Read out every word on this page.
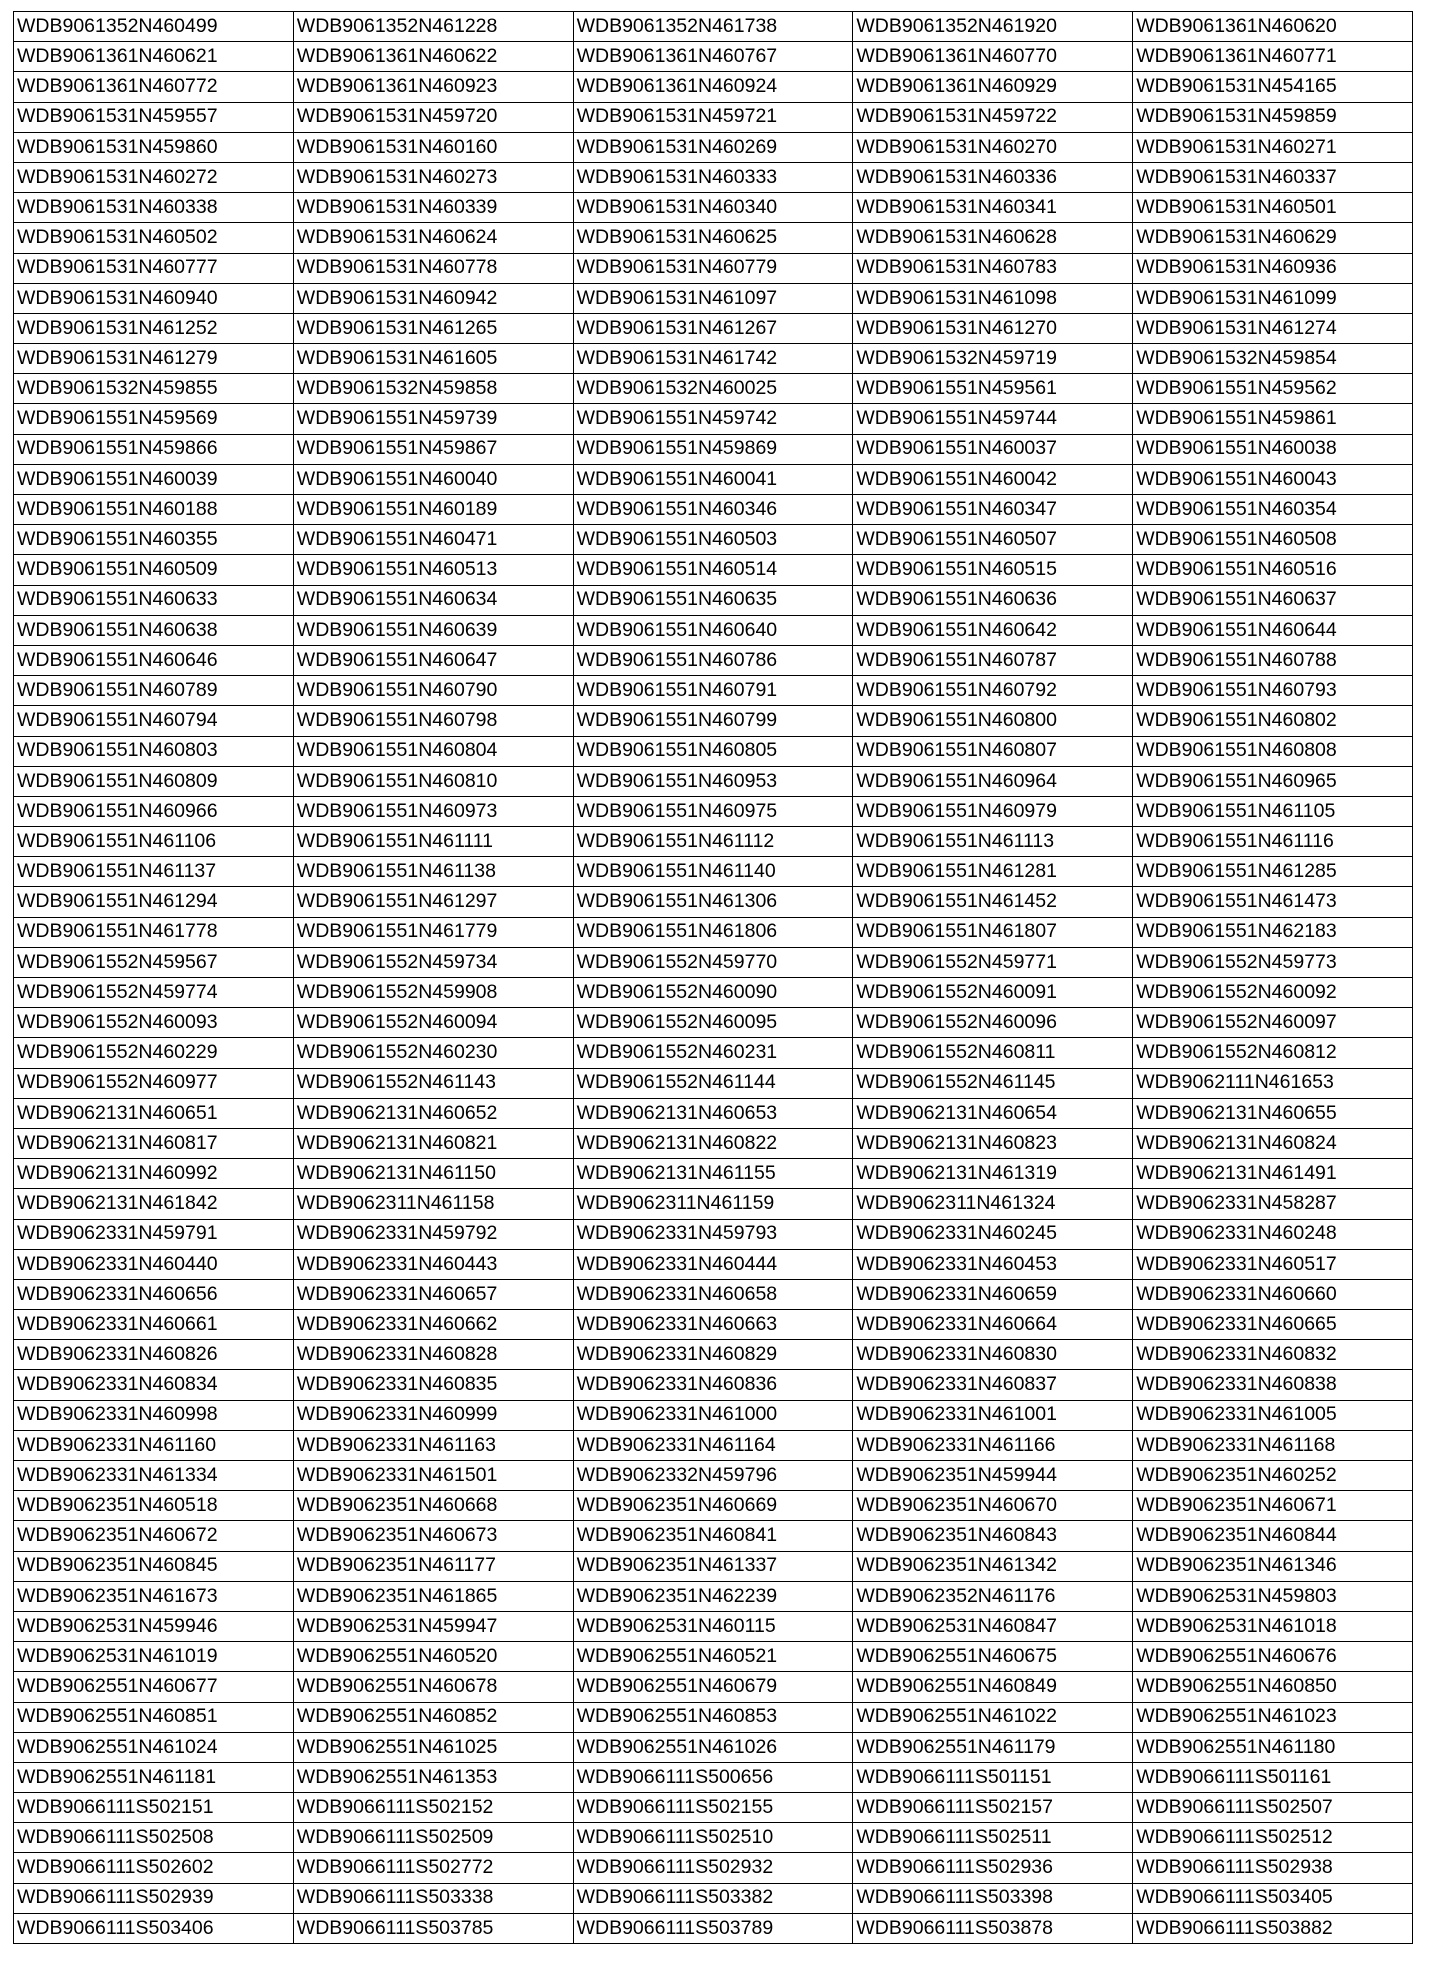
WDB9061352N460499	WDB9061352N461228	WDB9061352N461738	WDB9061352N461920	WDB9061361N460620
WDB9061361N460621	WDB9061361N460622	WDB9061361N460767	WDB9061361N460770	WDB9061361N460771
WDB9061361N460772	WDB9061361N460923	WDB9061361N460924	WDB9061361N460929	WDB9061531N454165
WDB9061531N459557	WDB9061531N459720	WDB9061531N459721	WDB9061531N459722	WDB9061531N459859
WDB9061531N459860	WDB9061531N460160	WDB9061531N460269	WDB9061531N460270	WDB9061531N460271
WDB9061531N460272	WDB9061531N460273	WDB9061531N460333	WDB9061531N460336	WDB9061531N460337
WDB9061531N460338	WDB9061531N460339	WDB9061531N460340	WDB9061531N460341	WDB9061531N460501
WDB9061531N460502	WDB9061531N460624	WDB9061531N460625	WDB9061531N460628	WDB9061531N460629
WDB9061531N460777	WDB9061531N460778	WDB9061531N460779	WDB9061531N460783	WDB9061531N460936
WDB9061531N460940	WDB9061531N460942	WDB9061531N461097	WDB9061531N461098	WDB9061531N461099
WDB9061531N461252	WDB9061531N461265	WDB9061531N461267	WDB9061531N461270	WDB9061531N461274
WDB9061531N461279	WDB9061531N461605	WDB9061531N461742	WDB9061532N459719	WDB9061532N459854
WDB9061532N459855	WDB9061532N459858	WDB9061532N460025	WDB9061551N459561	WDB9061551N459562
WDB9061551N459569	WDB9061551N459739	WDB9061551N459742	WDB9061551N459744	WDB9061551N459861
WDB9061551N459866	WDB9061551N459867	WDB9061551N459869	WDB9061551N460037	WDB9061551N460038
WDB9061551N460039	WDB9061551N460040	WDB9061551N460041	WDB9061551N460042	WDB9061551N460043
WDB9061551N460188	WDB9061551N460189	WDB9061551N460346	WDB9061551N460347	WDB9061551N460354
WDB9061551N460355	WDB9061551N460471	WDB9061551N460503	WDB9061551N460507	WDB9061551N460508
WDB9061551N460509	WDB9061551N460513	WDB9061551N460514	WDB9061551N460515	WDB9061551N460516
WDB9061551N460633	WDB9061551N460634	WDB9061551N460635	WDB9061551N460636	WDB9061551N460637
WDB9061551N460638	WDB9061551N460639	WDB9061551N460640	WDB9061551N460642	WDB9061551N460644
WDB9061551N460646	WDB9061551N460647	WDB9061551N460786	WDB9061551N460787	WDB9061551N460788
WDB9061551N460789	WDB9061551N460790	WDB9061551N460791	WDB9061551N460792	WDB9061551N460793
WDB9061551N460794	WDB9061551N460798	WDB9061551N460799	WDB9061551N460800	WDB9061551N460802
WDB9061551N460803	WDB9061551N460804	WDB9061551N460805	WDB9061551N460807	WDB9061551N460808
WDB9061551N460809	WDB9061551N460810	WDB9061551N460953	WDB9061551N460964	WDB9061551N460965
WDB9061551N460966	WDB9061551N460973	WDB9061551N460975	WDB9061551N460979	WDB9061551N461105
WDB9061551N461106	WDB9061551N461111	WDB9061551N461112	WDB9061551N461113	WDB9061551N461116
WDB9061551N461137	WDB9061551N461138	WDB9061551N461140	WDB9061551N461281	WDB9061551N461285
WDB9061551N461294	WDB9061551N461297	WDB9061551N461306	WDB9061551N461452	WDB9061551N461473
WDB9061551N461778	WDB9061551N461779	WDB9061551N461806	WDB9061551N461807	WDB9061551N462183
WDB9061552N459567	WDB9061552N459734	WDB9061552N459770	WDB9061552N459771	WDB9061552N459773
WDB9061552N459774	WDB9061552N459908	WDB9061552N460090	WDB9061552N460091	WDB9061552N460092
WDB9061552N460093	WDB9061552N460094	WDB9061552N460095	WDB9061552N460096	WDB9061552N460097
WDB9061552N460229	WDB9061552N460230	WDB9061552N460231	WDB9061552N460811	WDB9061552N460812
WDB9061552N460977	WDB9061552N461143	WDB9061552N461144	WDB9061552N461145	WDB9062111N461653
WDB9062131N460651	WDB9062131N460652	WDB9062131N460653	WDB9062131N460654	WDB9062131N460655
WDB9062131N460817	WDB9062131N460821	WDB9062131N460822	WDB9062131N460823	WDB9062131N460824
WDB9062131N460992	WDB9062131N461150	WDB9062131N461155	WDB9062131N461319	WDB9062131N461491
WDB9062131N461842	WDB9062311N461158	WDB9062311N461159	WDB9062311N461324	WDB9062331N458287
WDB9062331N459791	WDB9062331N459792	WDB9062331N459793	WDB9062331N460245	WDB9062331N460248
WDB9062331N460440	WDB9062331N460443	WDB9062331N460444	WDB9062331N460453	WDB9062331N460517
WDB9062331N460656	WDB9062331N460657	WDB9062331N460658	WDB9062331N460659	WDB9062331N460660
WDB9062331N460661	WDB9062331N460662	WDB9062331N460663	WDB9062331N460664	WDB9062331N460665
WDB9062331N460826	WDB9062331N460828	WDB9062331N460829	WDB9062331N460830	WDB9062331N460832
WDB9062331N460834	WDB9062331N460835	WDB9062331N460836	WDB9062331N460837	WDB9062331N460838
WDB9062331N460998	WDB9062331N460999	WDB9062331N461000	WDB9062331N461001	WDB9062331N461005
WDB9062331N461160	WDB9062331N461163	WDB9062331N461164	WDB9062331N461166	WDB9062331N461168
WDB9062331N461334	WDB9062331N461501	WDB9062332N459796	WDB9062351N459944	WDB9062351N460252
WDB9062351N460518	WDB9062351N460668	WDB9062351N460669	WDB9062351N460670	WDB9062351N460671
WDB9062351N460672	WDB9062351N460673	WDB9062351N460841	WDB9062351N460843	WDB9062351N460844
WDB9062351N460845	WDB9062351N461177	WDB9062351N461337	WDB9062351N461342	WDB9062351N461346
WDB9062351N461673	WDB9062351N461865	WDB9062351N462239	WDB9062352N461176	WDB9062531N459803
WDB9062531N459946	WDB9062531N459947	WDB9062531N460115	WDB9062531N460847	WDB9062531N461018
WDB9062531N461019	WDB9062551N460520	WDB9062551N460521	WDB9062551N460675	WDB9062551N460676
WDB9062551N460677	WDB9062551N460678	WDB9062551N460679	WDB9062551N460849	WDB9062551N460850
WDB9062551N460851	WDB9062551N460852	WDB9062551N460853	WDB9062551N461022	WDB9062551N461023
WDB9062551N461024	WDB9062551N461025	WDB9062551N461026	WDB9062551N461179	WDB9062551N461180
WDB9062551N461181	WDB9062551N461353	WDB9066111S500656	WDB9066111S501151	WDB9066111S501161
WDB9066111S502151	WDB9066111S502152	WDB9066111S502155	WDB9066111S502157	WDB9066111S502507
WDB9066111S502508	WDB9066111S502509	WDB9066111S502510	WDB9066111S502511	WDB9066111S502512
WDB9066111S502602	WDB9066111S502772	WDB9066111S502932	WDB9066111S502936	WDB9066111S502938
WDB9066111S502939	WDB9066111S503338	WDB9066111S503382	WDB9066111S503398	WDB9066111S503405
WDB9066111S503406	WDB9066111S503785	WDB9066111S503789	WDB9066111S503878	WDB9066111S503882
